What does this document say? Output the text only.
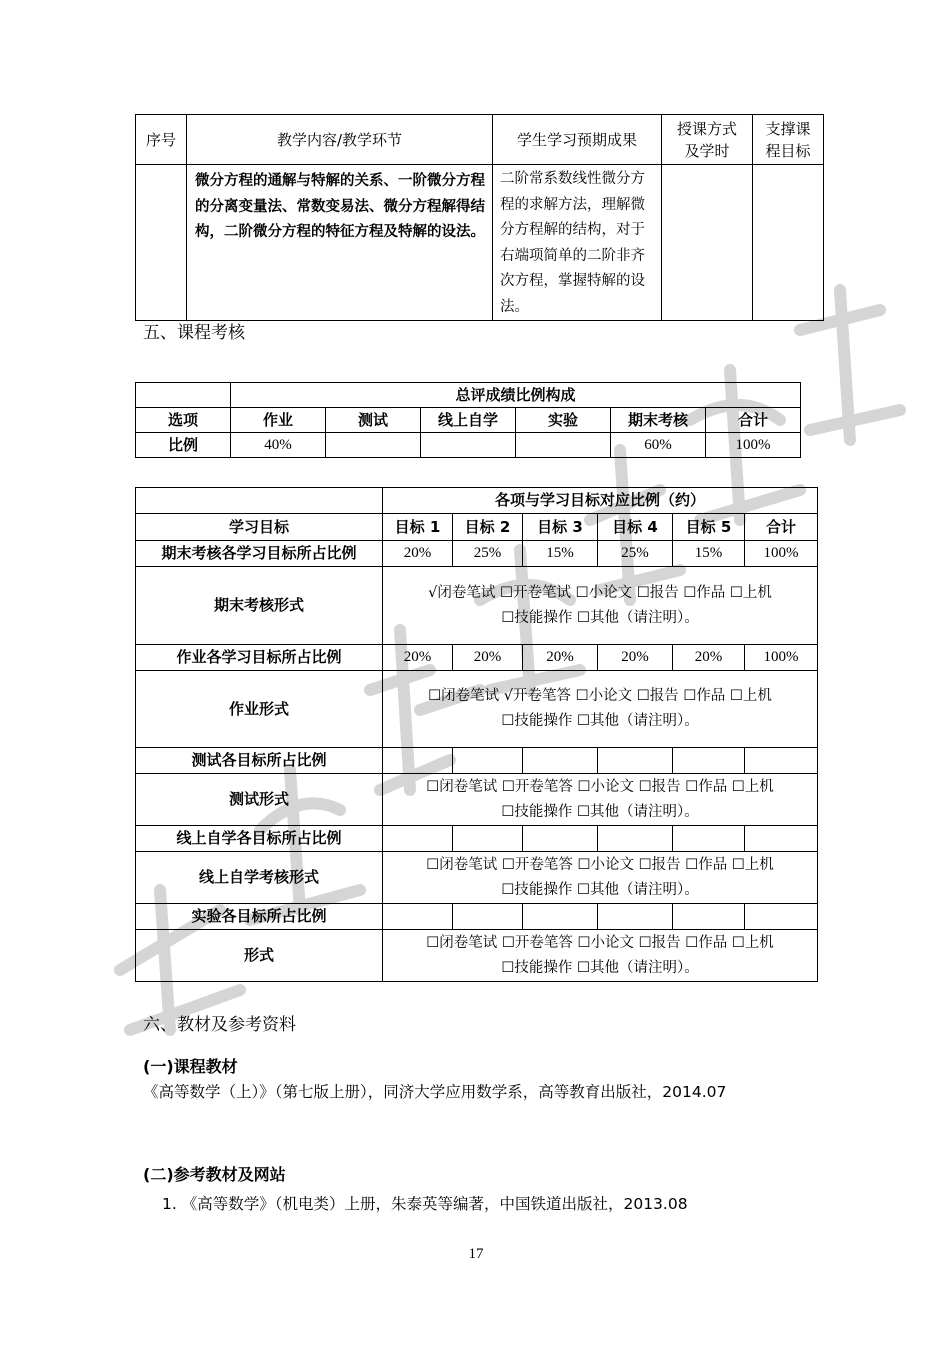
序号	教学内容/教学环节	学生学习预期成果	授课方式及学时	支撑课程目标
	微分方程的通解与特解的关系、一阶微分方程的分离变量法、常数变易法、微分方程解得结构，二阶微分方程的特征方程及特解的设法。	二阶常系数线性微分方程的求解方法，理解微分方程解的结构，对于右端项简单的二阶非齐次方程，掌握特解的设法。		
五、课程考核
	总评成绩比例构成					
选项	作业	测试	线上自学	实验	期末考核	合计
比例	40%				60%	100%
	各项与学习目标对应比例（约）					
学习目标	目标 1	目标 2	目标 3	目标 4	目标 5	合计
期末考核各学习目标所占比例	20%	25%	15%	25%	15%	100%
期末考核形式	√闭卷笔试 ☐开卷笔试 ☐小论文 ☐报告 ☐作品 ☐上机
☐技能操作 ☐其他（请注明）。					

作业各学习目标所占比例	20%	20%	20%	20%	20%	100%
作业形式	☐闭卷笔试 √开卷笔答 ☐小论文 ☐报告 ☐作品 ☐上机
☐技能操作 ☐其他（请注明）。					

测试各目标所占比例						
测试形式	☐闭卷笔试 ☐开卷笔答 ☐小论文 ☐报告 ☐作品 ☐上机
☐技能操作 ☐其他（请注明）。					

线上自学各目标所占比例						
线上自学考核形式	☐闭卷笔试 ☐开卷笔答 ☐小论文 ☐报告 ☐作品 ☐上机
☐技能操作 ☐其他（请注明）。					

实验各目标所占比例						
形式	☐闭卷笔试 ☐开卷笔答 ☐小论文 ☐报告 ☐作品 ☐上机
☐技能操作 ☐其他（请注明）。					
六、教材及参考资料
(一)课程教材
《高等数学（上）》（第七版上册），同济大学应用数学系，高等教育出版社，2014.07
(二)参考教材及网站
1. 《高等数学》（机电类）上册，朱泰英等编著，中国铁道出版社，2013.08
17
